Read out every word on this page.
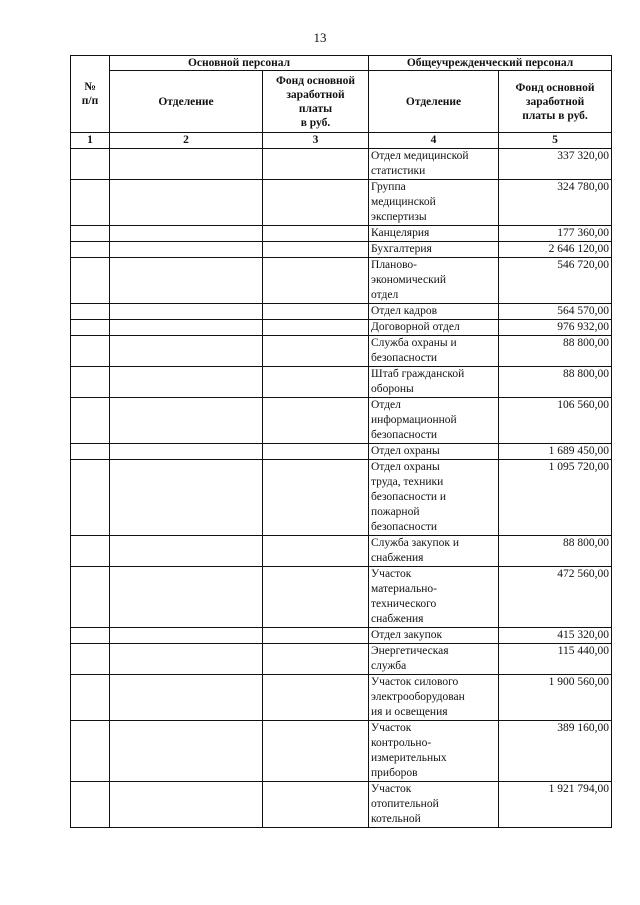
13
№
п/п	Основной персонал		Общеучрежденческий персонал	
	Отделение	Фонд основной
заработной
платы
в руб.	Отделение	Фонд основной
заработной
платы в руб.
1	2	3	4	5
			Отдел медицинской
статистики	337 320,00
			Группа
медицинской
экспертизы	324 780,00
			Канцелярия	177 360,00
			Бухгалтерия	2 646 120,00
			Планово-
экономический
отдел	546 720,00
			Отдел кадров	564 570,00
			Договорной отдел	976 932,00
			Служба охраны и
безопасности	88 800,00
			Штаб гражданской
обороны	88 800,00
			Отдел
информационной
безопасности	106 560,00
			Отдел охраны	1 689 450,00
			Отдел охраны
труда, техники
безопасности и
пожарной
безопасности	1 095 720,00
			Служба закупок и
снабжения	88 800,00
			Участок
материально-
технического
снабжения	472 560,00
			Отдел закупок	415 320,00
			Энергетическая
служба	115 440,00
			Участок силового
электрооборудован
ия и освещения	1 900 560,00
			Участок
контрольно-
измерительных
приборов	389 160,00
			Участок
отопительной
котельной	1 921 794,00
